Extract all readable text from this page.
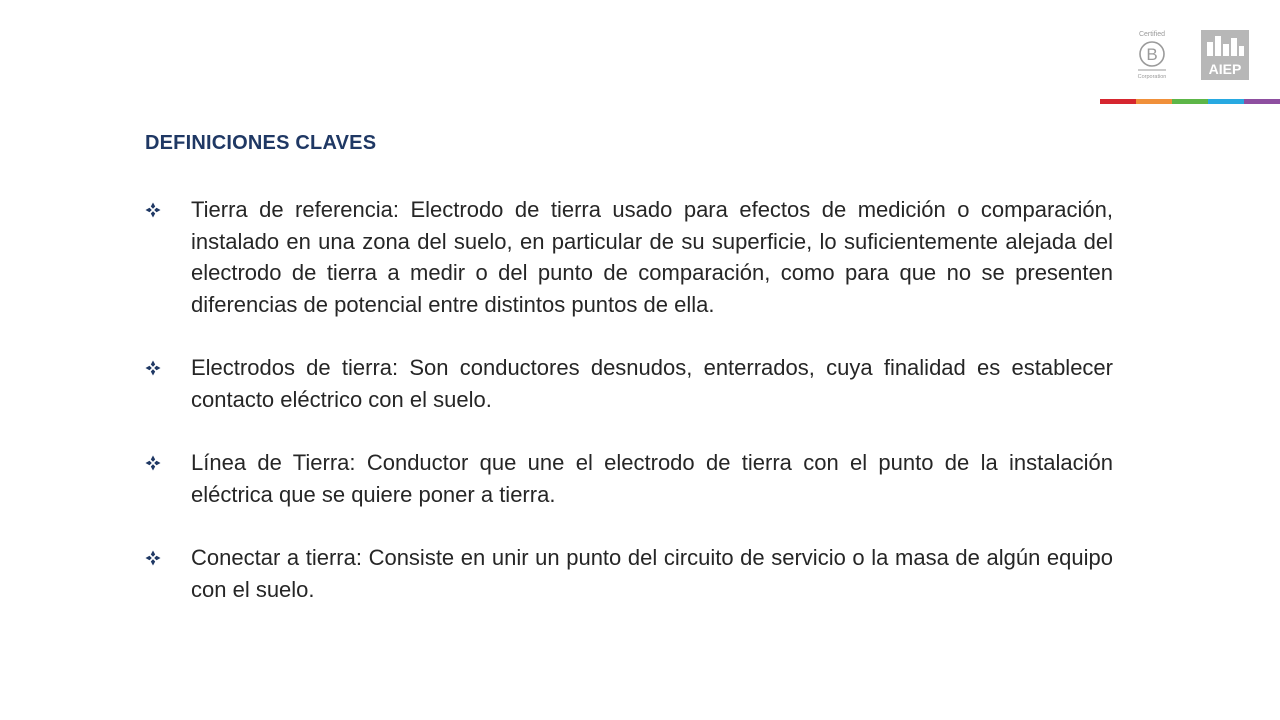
Certified
B
Corporation	AIEP
DEFINICIONES CLAVES
Tierra de referencia: Electrodo de tierra usado para efectos de medición o comparación, instalado en una zona del suelo, en particular de su superficie, lo suficientemente alejada del electrodo de tierra a medir o del punto de comparación, como para que no se presenten diferencias de potencial entre distintos puntos de ella.
Electrodos de tierra: Son conductores desnudos, enterrados, cuya finalidad es establecer contacto eléctrico con el suelo.
Línea de Tierra: Conductor que une el electrodo de tierra con el punto de la instalación eléctrica que se quiere poner a tierra.
Conectar a tierra: Consiste en unir un punto del circuito de servicio o la masa de algún equipo con el suelo.
